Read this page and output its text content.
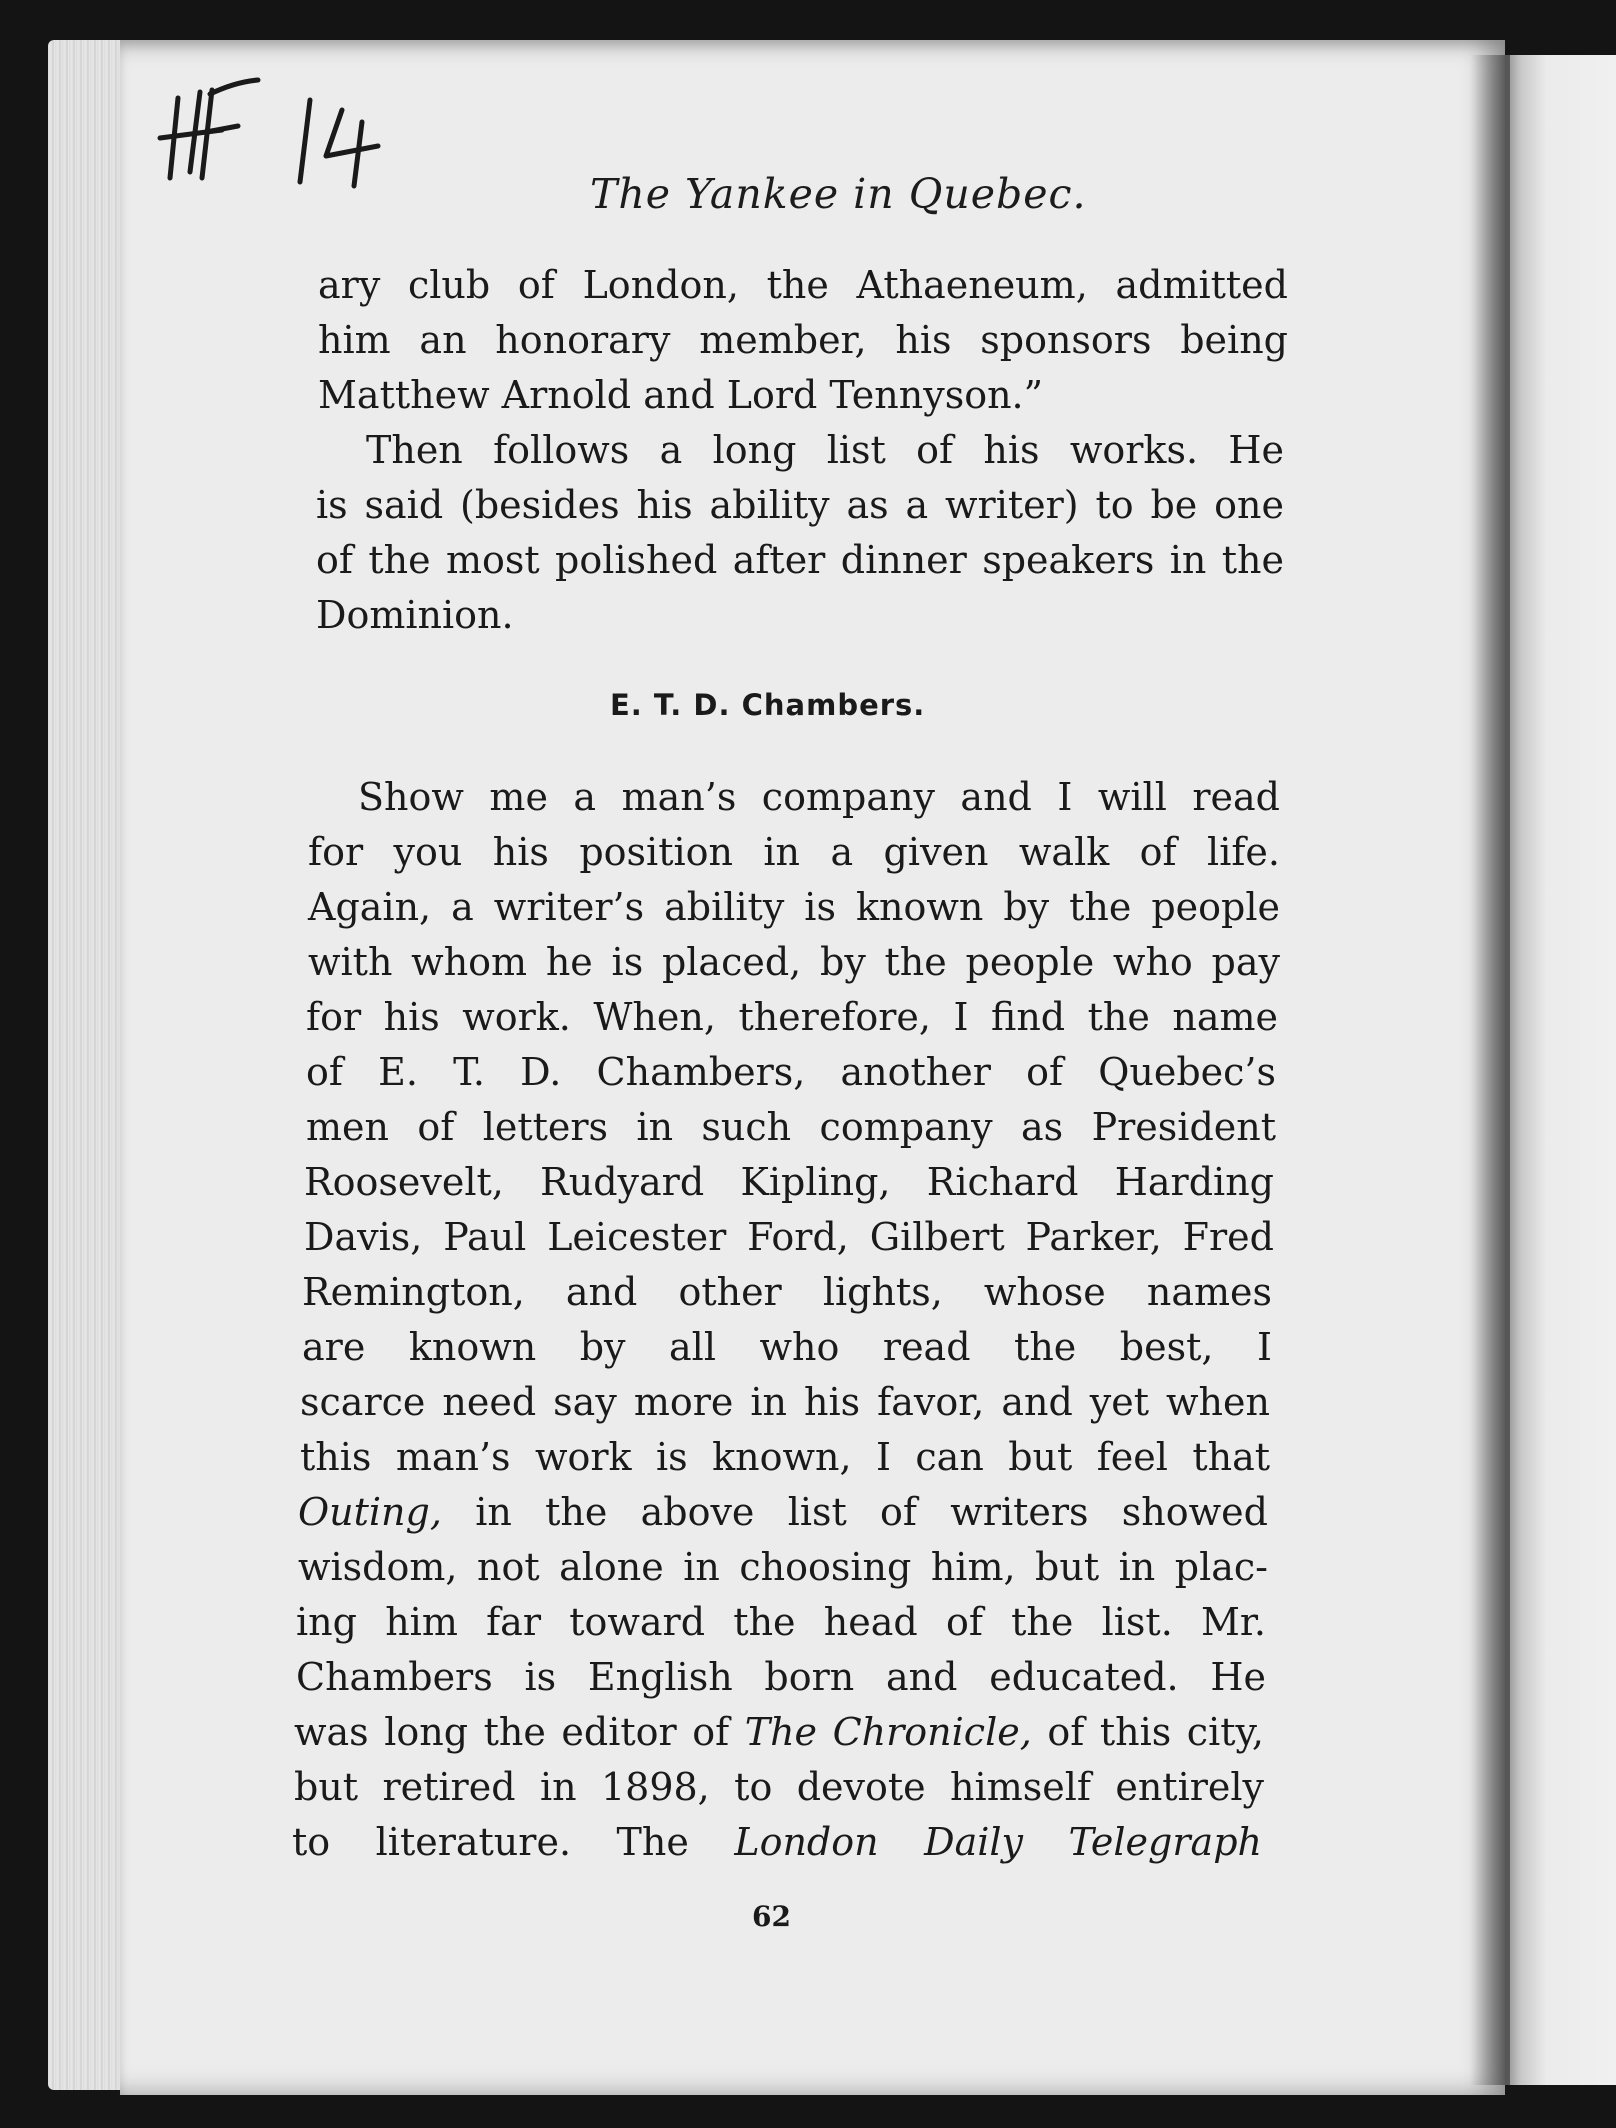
The Yankee in Quebec.
ary club of London, the Athaeneum, admitted
him an honorary member, his sponsors being
Matthew Arnold and Lord Tennyson.”
Then follows a long list of his works. He
is said (besides his ability as a writer) to be one
of the most polished after dinner speakers in the
Dominion.
E. T. D. Chambers.
Show me a man’s company and I will read
for you his position in a given walk of life.
Again, a writer’s ability is known by the people
with whom he is placed, by the people who pay
for his work. When, therefore, I find the name
of E. T. D. Chambers, another of Quebec’s
men of letters in such company as President
Roosevelt, Rudyard Kipling, Richard Harding
Davis, Paul Leicester Ford, Gilbert Parker, Fred
Remington, and other lights, whose names
are known by all who read the best, I
scarce need say more in his favor, and yet when
this man’s work is known, I can but feel that
Outing, in the above list of writers showed
wisdom, not alone in choosing him, but in plac-
ing him far toward the head of the list. Mr.
Chambers is English born and educated. He
was long the editor of The Chronicle, of this city,
but retired in 1898, to devote himself entirely
to literature. The London Daily Telegraph
62
